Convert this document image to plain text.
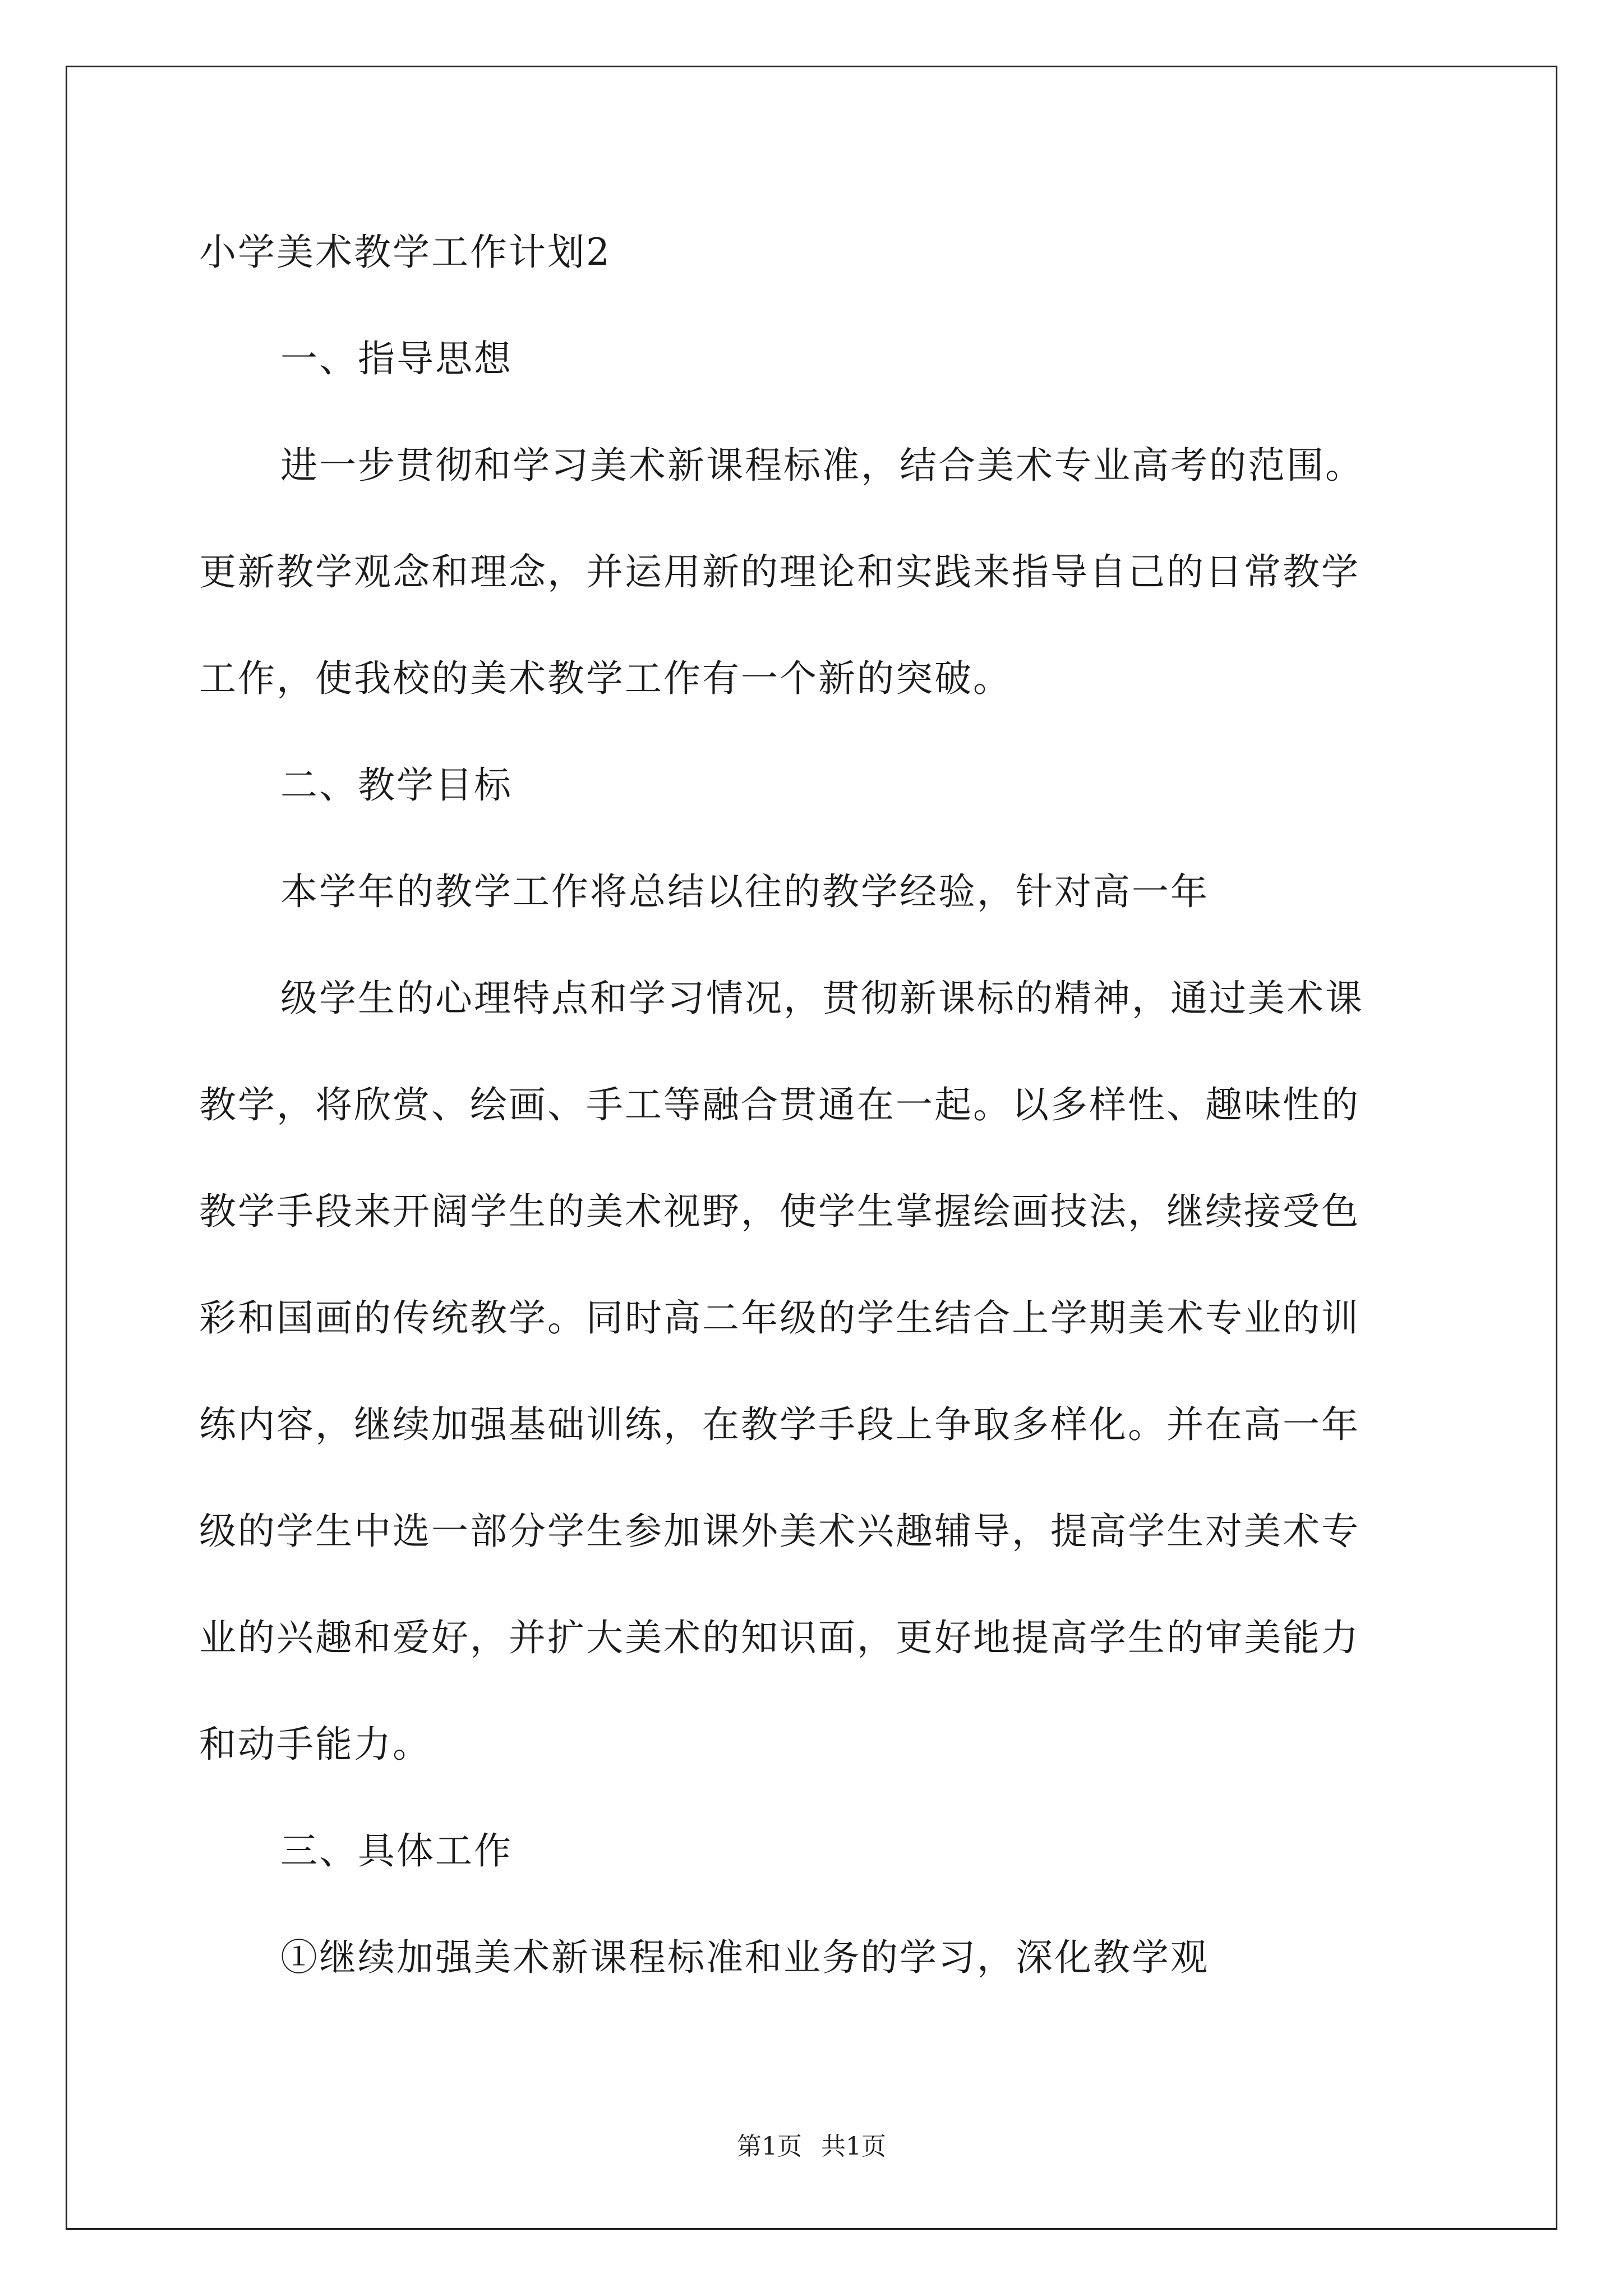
小学美术教学工作计划2
一、指导思想
进一步贯彻和学习美术新课程标准，结合美术专业高考的范围。
更新教学观念和理念，并运用新的理论和实践来指导自己的日常教学
工作，使我校的美术教学工作有一个新的突破。
二、教学目标
本学年的教学工作将总结以往的教学经验，针对高一年
级学生的心理特点和学习情况，贯彻新课标的精神，通过美术课
教学，将欣赏、绘画、手工等融合贯通在一起。以多样性、趣味性的
教学手段来开阔学生的美术视野，使学生掌握绘画技法，继续接受色
彩和国画的传统教学。同时高二年级的学生结合上学期美术专业的训
练内容，继续加强基础训练，在教学手段上争取多样化。并在高一年
级的学生中选一部分学生参加课外美术兴趣辅导，提高学生对美术专
业的兴趣和爱好，并扩大美术的知识面，更好地提高学生的审美能力
和动手能力。
三、具体工作
①继续加强美术新课程标准和业务的学习，深化教学观
第1页 共1页
